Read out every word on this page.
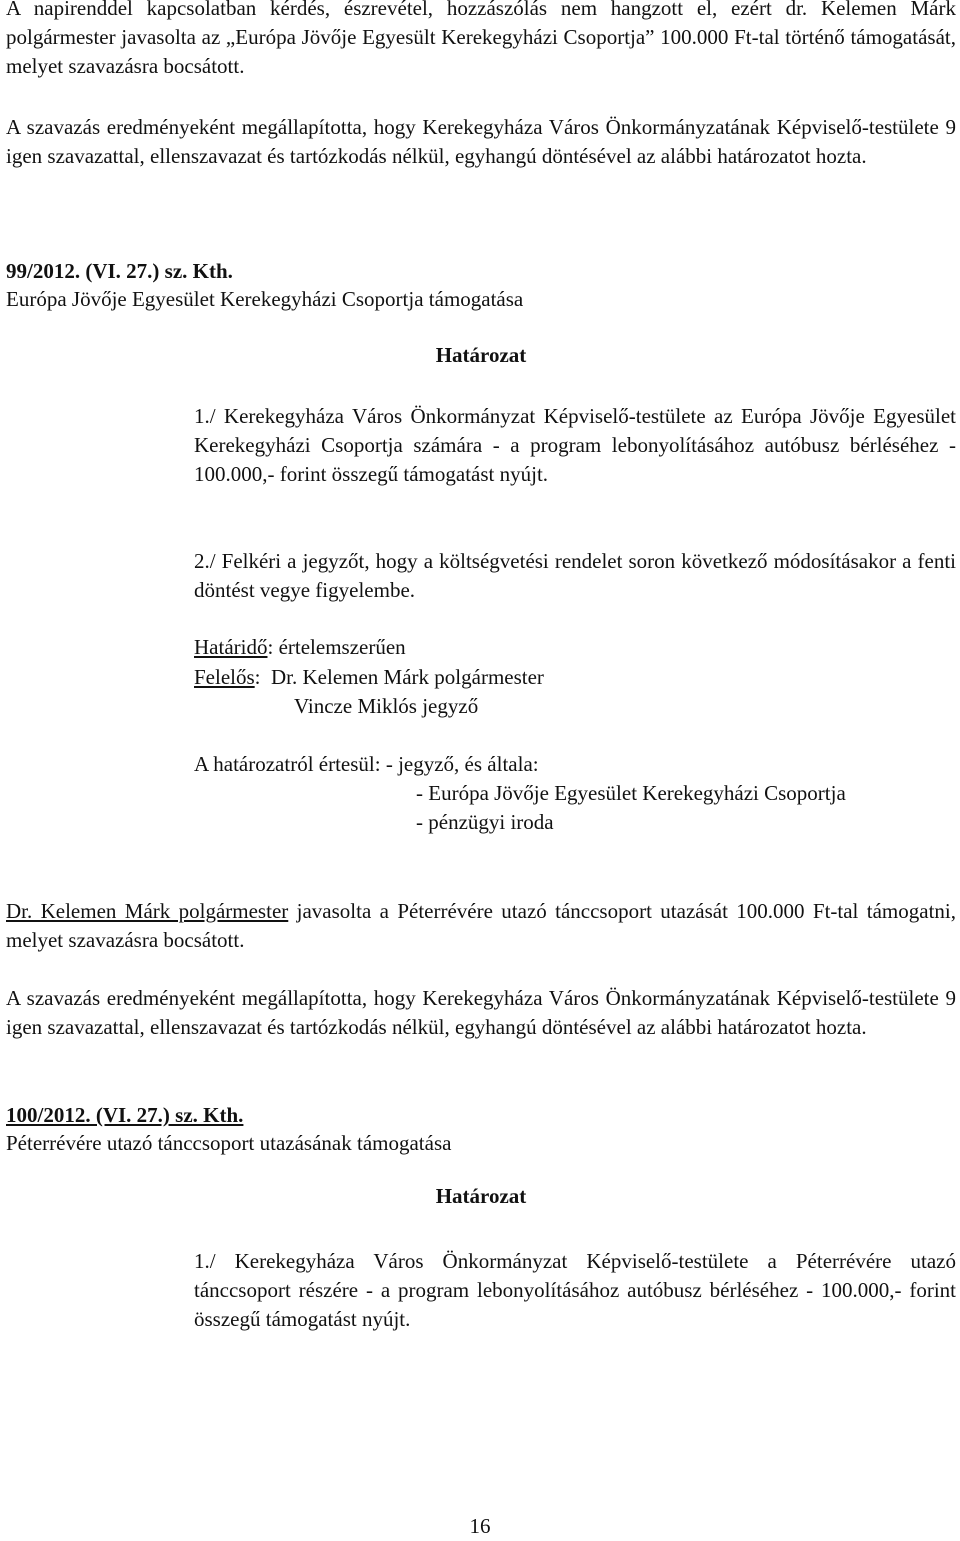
A napirenddel kapcsolatban kérdés, észrevétel, hozzászólás nem hangzott el, ezért dr. Kelemen Márk polgármester javasolta az „Európa Jövője Egyesült Kerekegyházi Csoportja” 100.000 Ft-tal történő támogatását, melyet szavazásra bocsátott.

A szavazás eredményeként megállapította, hogy Kerekegyháza Város Önkormányzatának Képviselő-testülete 9 igen szavazattal, ellenszavazat és tartózkodás nélkül, egyhangú döntésével az alábbi határozatot hozta.

99/2012. (VI. 27.) sz. Kth.

Európa Jövője Egyesület Kerekegyházi Csoportja támogatása

Határozat

1./ Kerekegyháza Város Önkormányzat Képviselő-testülete az Európa Jövője Egyesület Kerekegyházi Csoportja számára - a program lebonyolításához autóbusz bérléséhez - 100.000,- forint összegű támogatást nyújt.

2./ Felkéri a jegyzőt, hogy a költségvetési rendelet soron következő módosításakor a fenti döntést vegye figyelembe.

Határidő: értelemszerűen

Felelős:  Dr. Kelemen Márk polgármester

Vincze Miklós jegyző

A határozatról értesül: - jegyző, és általa:

- Európa Jövője Egyesület Kerekegyházi Csoportja

- pénzügyi iroda

Dr. Kelemen Márk polgármester javasolta a Péterrévére utazó tánccsoport utazását 100.000 Ft-tal támogatni, melyet szavazásra bocsátott.

A szavazás eredményeként megállapította, hogy Kerekegyháza Város Önkormányzatának Képviselő-testülete 9 igen szavazattal, ellenszavazat és tartózkodás nélkül, egyhangú döntésével az alábbi határozatot hozta.

100/2012. (VI. 27.) sz. Kth.

Péterrévére utazó tánccsoport utazásának támogatása

Határozat

1./ Kerekegyháza Város Önkormányzat Képviselő-testülete a Péterrévére utazó tánccsoport részére - a program lebonyolításához autóbusz bérléséhez - 100.000,- forint összegű támogatást nyújt.

16
